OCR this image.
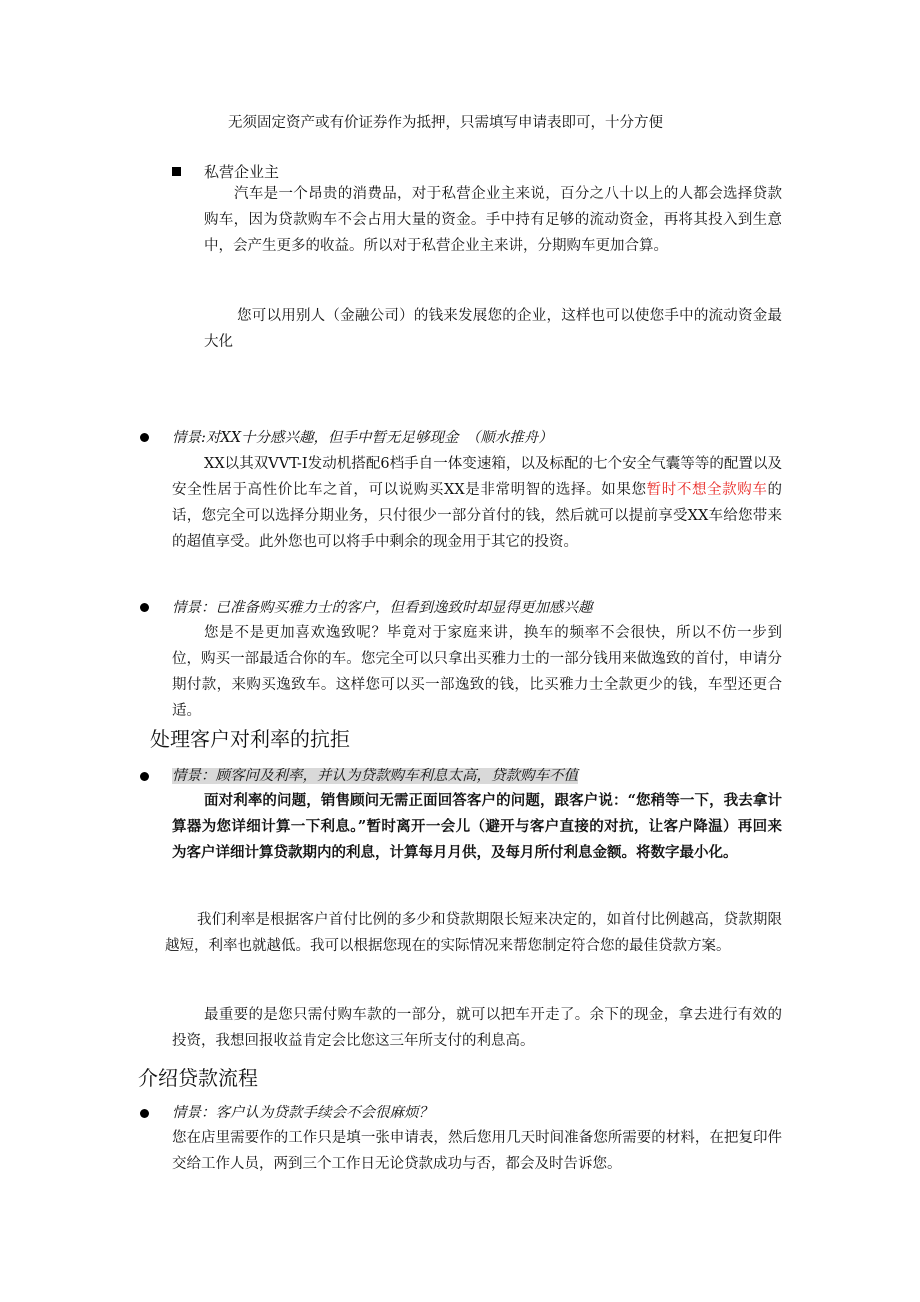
无须固定资产或有价证券作为抵押，只需填写申请表即可，十分方便
私营企业主
汽车是一个昂贵的消费品，对于私营企业主来说，百分之八十以上的人都会选择贷款购车，因为贷款购车不会占用大量的资金。手中持有足够的流动资金，再将其投入到生意中，会产生更多的收益。所以对于私营企业主来讲，分期购车更加合算。
您可以用别人（金融公司）的钱来发展您的企业，这样也可以使您手中的流动资金最大化
情景:对XX十分感兴趣，但手中暂无足够现金　（顺水推舟）
XX以其双VVT-I发动机搭配6档手自一体变速箱，以及标配的七个安全气囊等等的配置以及安全性居于高性价比车之首，可以说购买XX是非常明智的选择。如果您暂时不想全款购车的话，您完全可以选择分期业务，只付很少一部分首付的钱，然后就可以提前享受XX车给您带来的超值享受。此外您也可以将手中剩余的现金用于其它的投资。
情景：已准备购买雅力士的客户，但看到逸致时却显得更加感兴趣
您是不是更加喜欢逸致呢？毕竟对于家庭来讲，换车的频率不会很快，所以不仿一步到位，购买一部最适合你的车。您完全可以只拿出买雅力士的一部分钱用来做逸致的首付，申请分期付款，来购买逸致车。这样您可以买一部逸致的钱，比买雅力士全款更少的钱，车型还更合适。
处理客户对利率的抗拒
情景：顾客问及利率，并认为贷款购车利息太高，贷款购车不值
面对利率的问题，销售顾问无需正面回答客户的问题，跟客户说：“您稍等一下，我去拿计算器为您详细计算一下利息。”暂时离开一会儿（避开与客户直接的对抗，让客户降温）再回来为客户详细计算贷款期内的利息，计算每月月供，及每月所付利息金额。将数字最小化。
我们利率是根据客户首付比例的多少和贷款期限长短来决定的，如首付比例越高，贷款期限越短，利率也就越低。我可以根据您现在的实际情况来帮您制定符合您的最佳贷款方案。
最重要的是您只需付购车款的一部分，就可以把车开走了。余下的现金，拿去进行有效的投资，我想回报收益肯定会比您这三年所支付的利息高。
介绍贷款流程
情景：客户认为贷款手续会不会很麻烦？
您在店里需要作的工作只是填一张申请表，然后您用几天时间准备您所需要的材料，在把复印件交给工作人员，两到三个工作日无论贷款成功与否，都会及时告诉您。
